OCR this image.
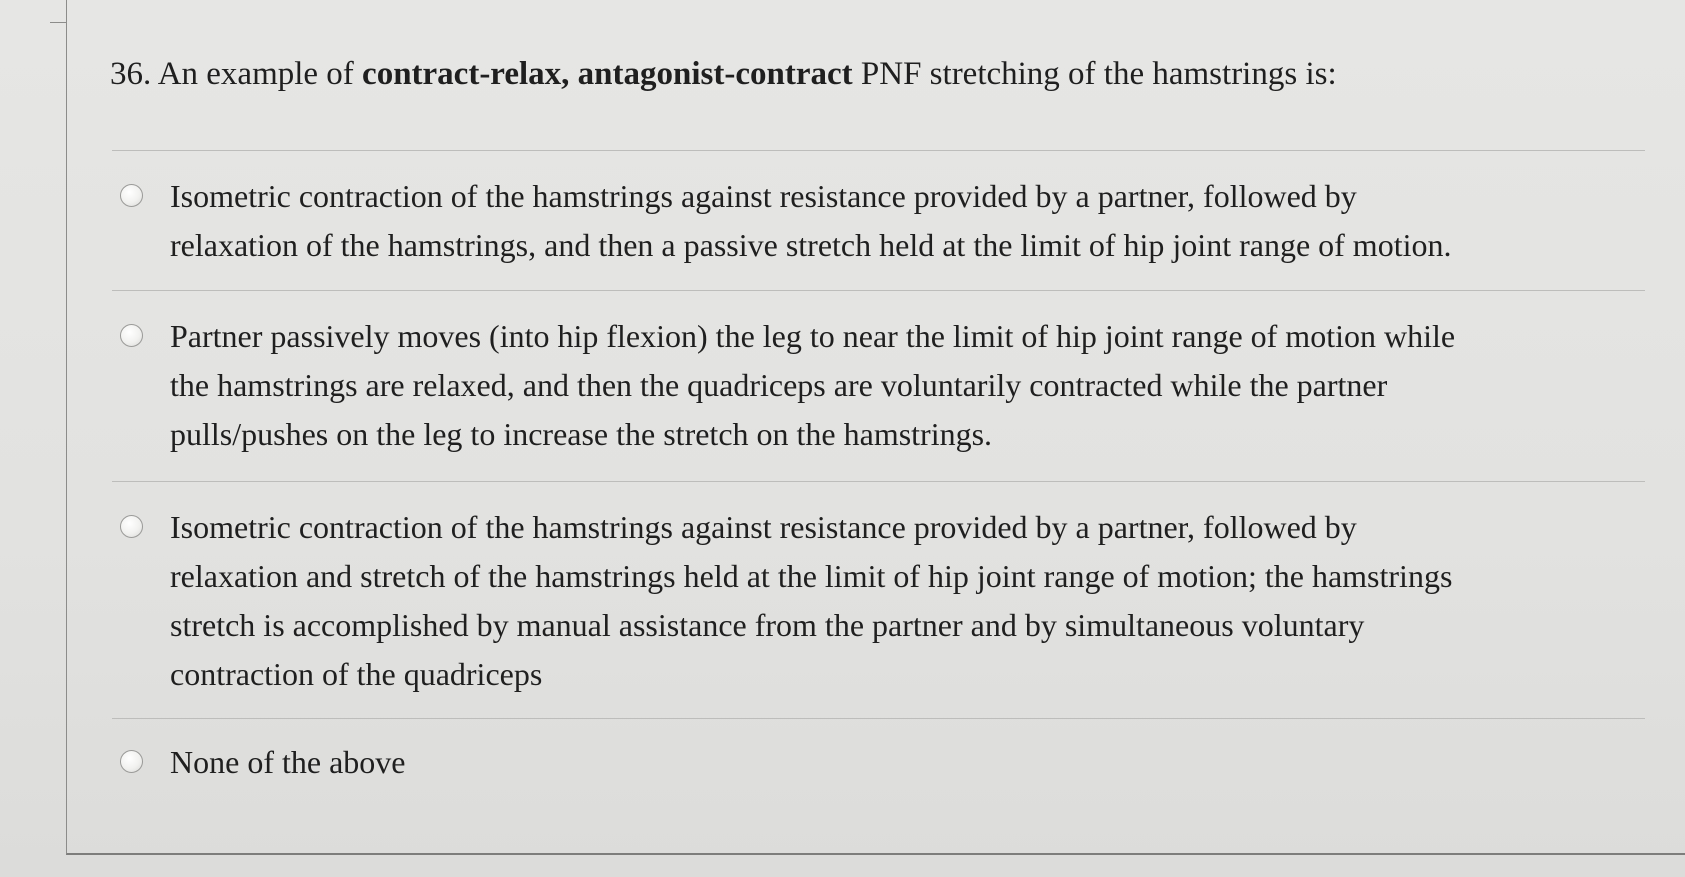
36. An example of contract-relax, antagonist-contract PNF stretching of the hamstrings is:
Isometric contraction of the hamstrings against resistance provided by a partner, followed by
relaxation of the hamstrings, and then a passive stretch held at the limit of hip joint range of motion.
Partner passively moves (into hip flexion) the leg to near the limit of hip joint range of motion while
the hamstrings are relaxed, and then the quadriceps are voluntarily contracted while the partner
pulls/pushes on the leg to increase the stretch on the hamstrings.
Isometric contraction of the hamstrings against resistance provided by a partner, followed by
relaxation and stretch of the hamstrings held at the limit of hip joint range of motion; the hamstrings
stretch is accomplished by manual assistance from the partner and by simultaneous voluntary
contraction of the quadriceps
None of the above
